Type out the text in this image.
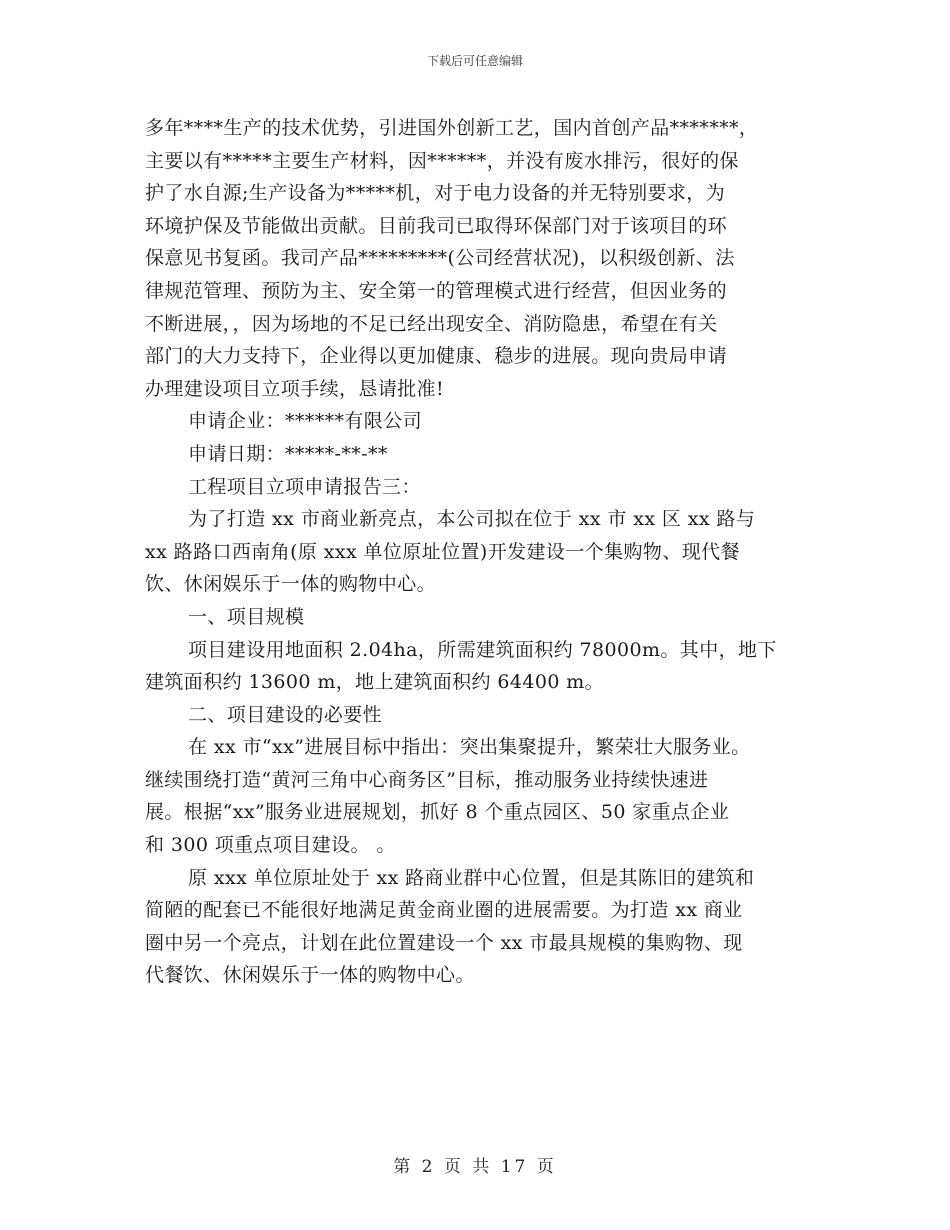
下载后可任意编辑
多年****生产的技术优势，引进国外创新工艺，国内首创产品*******，
主要以有*****主要生产材料，因******，并没有废水排污，很好的保
护了水自源;生产设备为*****机，对于电力设备的并无特别要求，为
环境护保及节能做出贡献。目前我司已取得环保部门对于该项目的环
保意见书复函。我司产品*********(公司经营状况)，以积级创新、法
律规范管理、预防为主、安全第一的管理模式进行经营，但因业务的
不断进展，，因为场地的不足已经出现安全、消防隐患，希望在有关
部门的大力支持下，企业得以更加健康、稳步的进展。现向贵局申请
办理建设项目立项手续，恳请批准!
申请企业：******有限公司
申请日期：*****-**-**
工程项目立项申请报告三：
为了打造 xx 市商业新亮点，本公司拟在位于 xx 市 xx 区 xx 路与
xx 路路口西南角(原 xxx 单位原址位置)开发建设一个集购物、现代餐
饮、休闲娱乐于一体的购物中心。
一、项目规模
项目建设用地面积 2.04ha，所需建筑面积约 78000m。其中，地下
建筑面积约 13600 m，地上建筑面积约 64400 m。
二、项目建设的必要性
在 xx 市“xx”进展目标中指出：突出集聚提升，繁荣壮大服务业。
继续围绕打造“黄河三角中心商务区”目标，推动服务业持续快速进
展。根据“xx”服务业进展规划，抓好 8 个重点园区、50 家重点企业
和 300 项重点项目建设。 。
原 xxx 单位原址处于 xx 路商业群中心位置，但是其陈旧的建筑和
简陋的配套已不能很好地满足黄金商业圈的进展需要。为打造 xx 商业
圈中另一个亮点，计划在此位置建设一个 xx 市最具规模的集购物、现
代餐饮、休闲娱乐于一体的购物中心。
第 2 页 共 17 页
